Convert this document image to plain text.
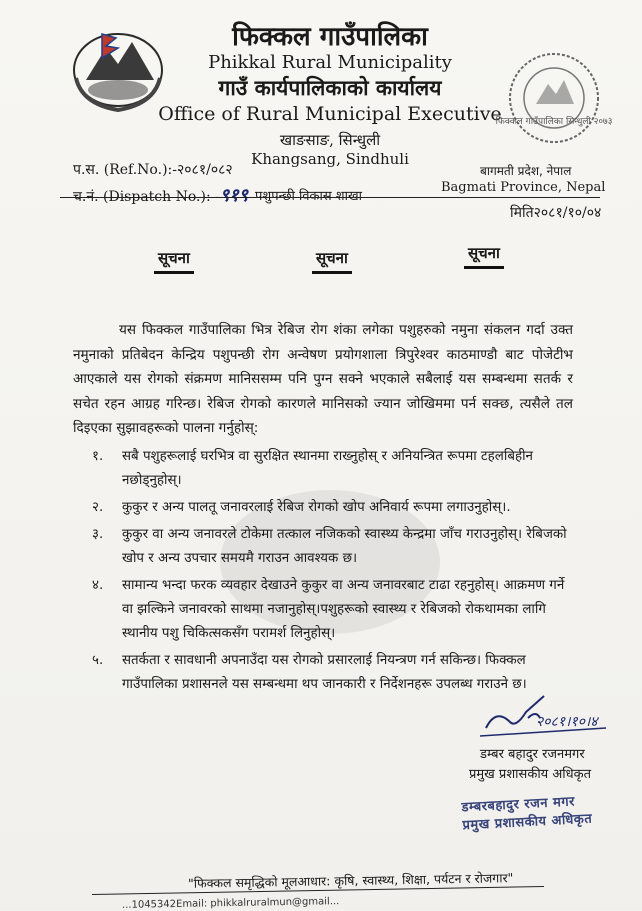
फिक्कल गाउँपालिका
Phikkal Rural Municipality
गाउँ कार्यपालिकाको कार्यालय
Office of Rural Municipal Executive
खाङसाङ, सिन्धुली
Khangsang, Sindhuli
फिक्कल गाउँपालिका सिन्धुली २०७३
प.स. (Ref.No.):-२०८१/०८२
च.नं. (Dispatch No.): -९१९ पशुपन्छी विकास शाखा
बागमती प्रदेश, नेपाल
Bagmati Province, Nepal
मिति२०८१/१०/०४
सूचना	सूचना	सूचना
यस फिक्कल गाउँपालिका भित्र रेबिज रोग शंका लगेका पशुहरुको नमुना संकलन गर्दा उक्त नमुनाको प्रतिबेदन केन्द्रिय पशुपन्छी रोग अन्वेषण प्रयोगशाला त्रिपुरेश्वर काठमाण्डौ बाट पोजेटीभ आएकाले यस रोगको संक्रमण मानिससम्म पनि पुग्न सक्ने भएकाले सबैलाई यस सम्बन्धमा सतर्क र सचेत रहन आग्रह गरिन्छ। रेबिज रोगको कारणले मानिसको ज्यान जोखिममा पर्न सक्छ, त्यसैले तल दिइएका सुझावहरूको पालना गर्नुहोस्:
१. सबै पशुहरूलाई घरभित्र वा सुरक्षित स्थानमा राख्नुहोस् र अनियन्त्रित रूपमा टहलबिहीन नछोड्नुहोस्।
२. कुकुर र अन्य पालतू जनावरलाई रेबिज रोगको खोप अनिवार्य रूपमा लगाउनुहोस्।.
३. कुकुर वा अन्य जनावरले टोकेमा तत्काल नजिकको स्वास्थ्य केन्द्रमा जाँच गराउनुहोस्। रेबिजको खोप र अन्य उपचार समयमै गराउन आवश्यक छ।
४. सामान्य भन्दा फरक व्यवहार देखाउने कुकुर वा अन्य जनावरबाट टाढा रहनुहोस्। आक्रमण गर्ने वा झल्किने जनावरको साथमा नजानुहोस्।पशुहरूको स्वास्थ्य र रेबिजको रोकथामका लागि स्थानीय पशु चिकित्सकसँग परामर्श लिनुहोस्।
५. सतर्कता र सावधानी अपनाउँदा यस रोगको प्रसारलाई नियन्त्रण गर्न सकिन्छ। फिक्कल गाउँपालिका प्रशासनले यस सम्बन्धमा थप जानकारी र निर्देशनहरू उपलब्ध गराउने छ।
२०८१।१०।४
डम्बर बहादुर रजनमगर
प्रमुख प्रशासकीय अधिकृत
डम्बरबहादुर रजन मगर
प्रमुख प्रशासकीय अधिकृत
"फिक्कल समृद्धिको मूलआधार: कृषि, स्वास्थ्य, शिक्षा, पर्यटन र रोजगार"
...1045342Email: phikkalruralmun@gmail...
